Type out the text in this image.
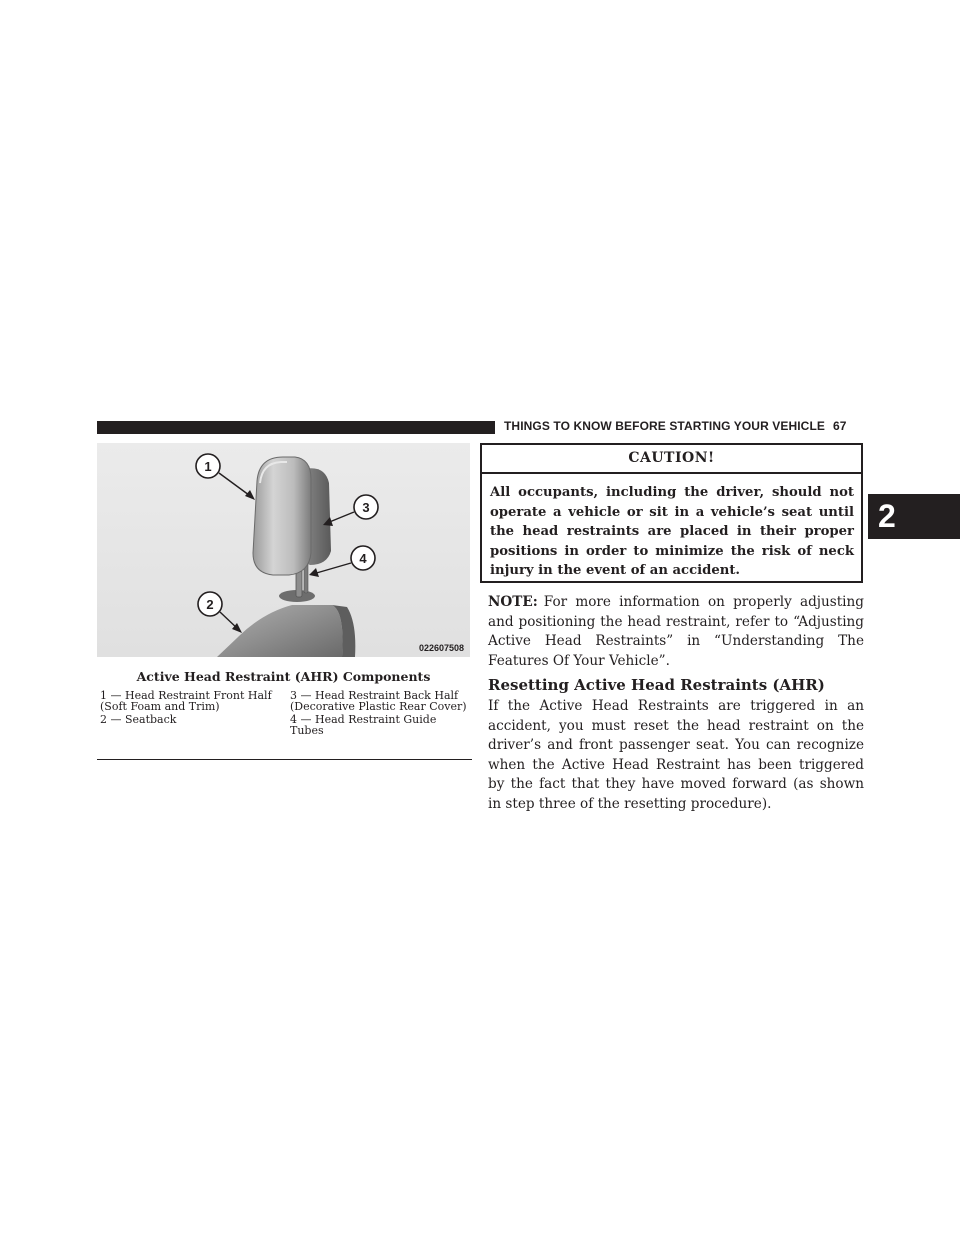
THINGS TO KNOW BEFORE STARTING YOUR VEHICLE 67
2
1
2
3
4
022607508
Active Head Restraint (AHR) Components
1 — Head Restraint Front Half (Soft Foam and Trim)
3 — Head Restraint Back Half (Decorative Plastic Rear Cover)
2 — Seatback	4 — Head Restraint Guide Tubes
CAUTION!
All occupants, including the driver, should not operate a vehicle or sit in a vehicle’s seat until the head restraints are placed in their proper positions in order to minimize the risk of neck injury in the event of an accident.
NOTE: For more information on properly adjusting and positioning the head restraint, refer to “Adjusting Active Head Restraints” in “Understanding The Features Of Your Vehicle”.
Resetting Active Head Restraints (AHR)
If the Active Head Restraints are triggered in an accident, you must reset the head restraint on the driver’s and front passenger seat. You can recognize when the Active Head Restraint has been triggered by the fact that they have moved forward (as shown in step three of the resetting procedure).
